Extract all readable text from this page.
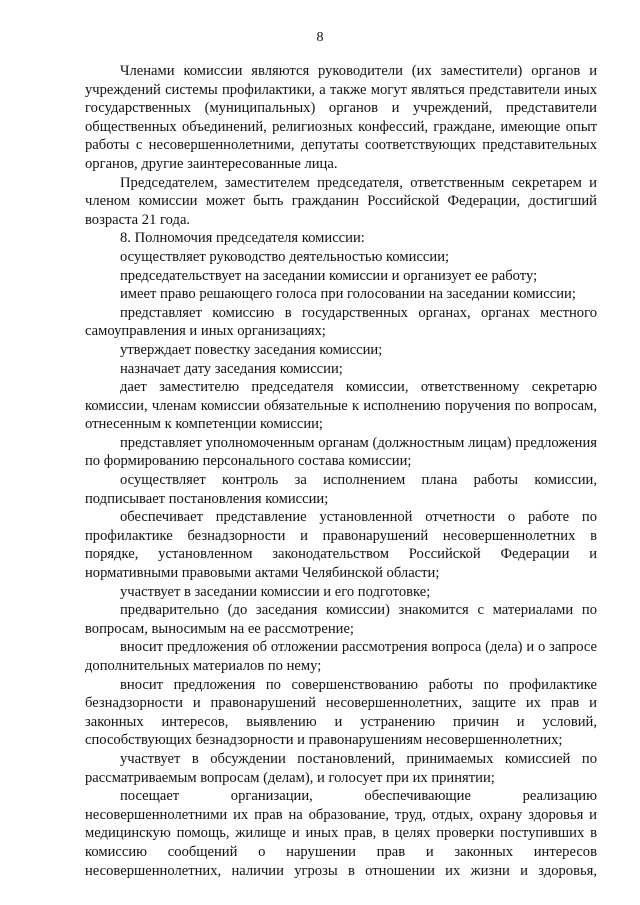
8

Членами комиссии являются руководители (их заместители) органов и учреждений системы профилактики, а также могут являться представители иных государственных (муниципальных) органов и учреждений, представители общественных объединений, религиозных конфессий, граждане, имеющие опыт работы с несовершеннолетними, депутаты соответствующих представительных органов, другие заинтересованные лица.

Председателем, заместителем председателя, ответственным секретарем и членом комиссии может быть гражданин Российской Федерации, достигший возраста 21 года.

8. Полномочия председателя комиссии:

осуществляет руководство деятельностью комиссии;

председательствует на заседании комиссии и организует ее работу;

имеет право решающего голоса при голосовании на заседании комиссии;

представляет комиссию в государственных органах, органах местного самоуправления и иных организациях;

утверждает повестку заседания комиссии;

назначает дату заседания комиссии;

дает заместителю председателя комиссии, ответственному секретарю комиссии, членам комиссии обязательные к исполнению поручения по вопросам, отнесенным к компетенции комиссии;

представляет уполномоченным органам (должностным лицам) предложения по формированию персонального состава комиссии;

осуществляет контроль за исполнением плана работы комиссии, подписывает постановления комиссии;

обеспечивает представление установленной отчетности о работе по профилактике безнадзорности и правонарушений несовершеннолетних в порядке, установленном законодательством Российской Федерации и нормативными правовыми актами Челябинской области;

участвует в заседании комиссии и его подготовке;

предварительно (до заседания комиссии) знакомится с материалами по вопросам, выносимым на ее рассмотрение;

вносит предложения об отложении рассмотрения вопроса (дела) и о запросе дополнительных материалов по нему;

вносит предложения по совершенствованию работы по профилактике безнадзорности и правонарушений несовершеннолетних, защите их прав и законных интересов, выявлению и устранению причин и условий, способствующих безнадзорности и правонарушениям несовершеннолетних;

участвует в обсуждении постановлений, принимаемых комиссией по рассматриваемым вопросам (делам), и голосует при их принятии;

посещает организации, обеспечивающие реализацию несовершеннолетними их прав на образование, труд, отдых, охрану здоровья и медицинскую помощь, жилище и иных прав, в целях проверки поступивших в комиссию сообщений о нарушении прав и законных интересов несовершеннолетних, наличии угрозы в отношении их жизни и здоровья,
